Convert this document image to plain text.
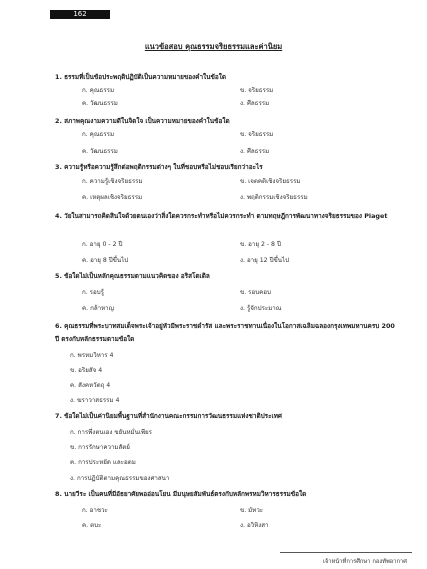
162
แนวข้อสอบ คุณธรรมจริยธรรมและค่านิยม
1. ธรรมที่เป็นข้อประพฤติปฏิบัติเป็นความหมายของคำในข้อใด
ก. คุณธรรม	ข. จริยธรรม
ค. วัฒนธรรม	ง. ศีลธรรม
2. สภาพคุณงามความดีในจิตใจ เป็นความหมายของคำในข้อใด
ก. คุณธรรม	ข. จริยธรรม
ค. วัฒนธรรม	ง. ศีลธรรม
3. ความรู้หรือความรู้สึกต่อพฤติกรรมต่างๆ ในที่ชอบหรือไม่ชอบเรียกว่าอะไร
ก. ความรู้เชิงจริยธรรม	ข. เจตคติเชิงจริยธรรม
ค. เหตุผลเชิงจริยธรรม	ง. พฤติกรรมเชิงจริยธรรม
4. วัยในสามารถคิดสินใจด้วยตนเองว่าสิ่งใดควรกระทำหรือไม่ควรกระทำ ตามทฤษฎีการพัฒนาทางจริยธรรมของ Piaget
ก. อายุ 0 - 2 ปี	ข. อายุ 2 - 8 ปี
ค. อายุ 8 ปีขึ้นไป	ง. อายุ 12 ปีขึ้นไป
5. ข้อใดไม่เป็นหลักคุณธรรมตามแนวคิดของ อริสโตเติล
ก. รอบรู้	ข. รอบคอบ
ค. กล้าหาญ	ง. รู้จักประมาณ
6. คุณธรรมที่พระบาทสมเด็จพระเจ้าอยู่หัวมีพระราชดำรัส และพระราชทานเนื่องในโอกาสเฉลิมฉลองกรุงเทพมหานครบ 200 ปี ตรงกับหลักธรรมตามข้อใด
ก. พรหมวิหาร 4
ข. อริยสัจ 4
ค. สังคหวัตถุ 4
ง. ฆราวาสธรรม 4
7. ข้อใดไม่เป็นค่านิยมพื้นฐานที่สำนักงานคณะกรรมการวัฒนธรรมแห่งชาติประเทศ
ก. การพึ่งตนเอง ขยันหมั่นเพียร
ข. การรักษาความสัตย์
ค. การประหยัด และอดม
ง. การปฏิบัติตามคุณธรรมของศาสนา
8. นายวีระ เป็นคนที่มีอัธยาศัยพออ่อนโยน มีมนุษยสัมพันธ์ตรงกับหลักพรหมวิหารธรรมข้อใด
ก. อาชวะ	ข. มัทวะ
ค. ตบะ	ง. อวิหิงสา
เจ้าหน้าที่การศึกษา กองทัพอากาศ
